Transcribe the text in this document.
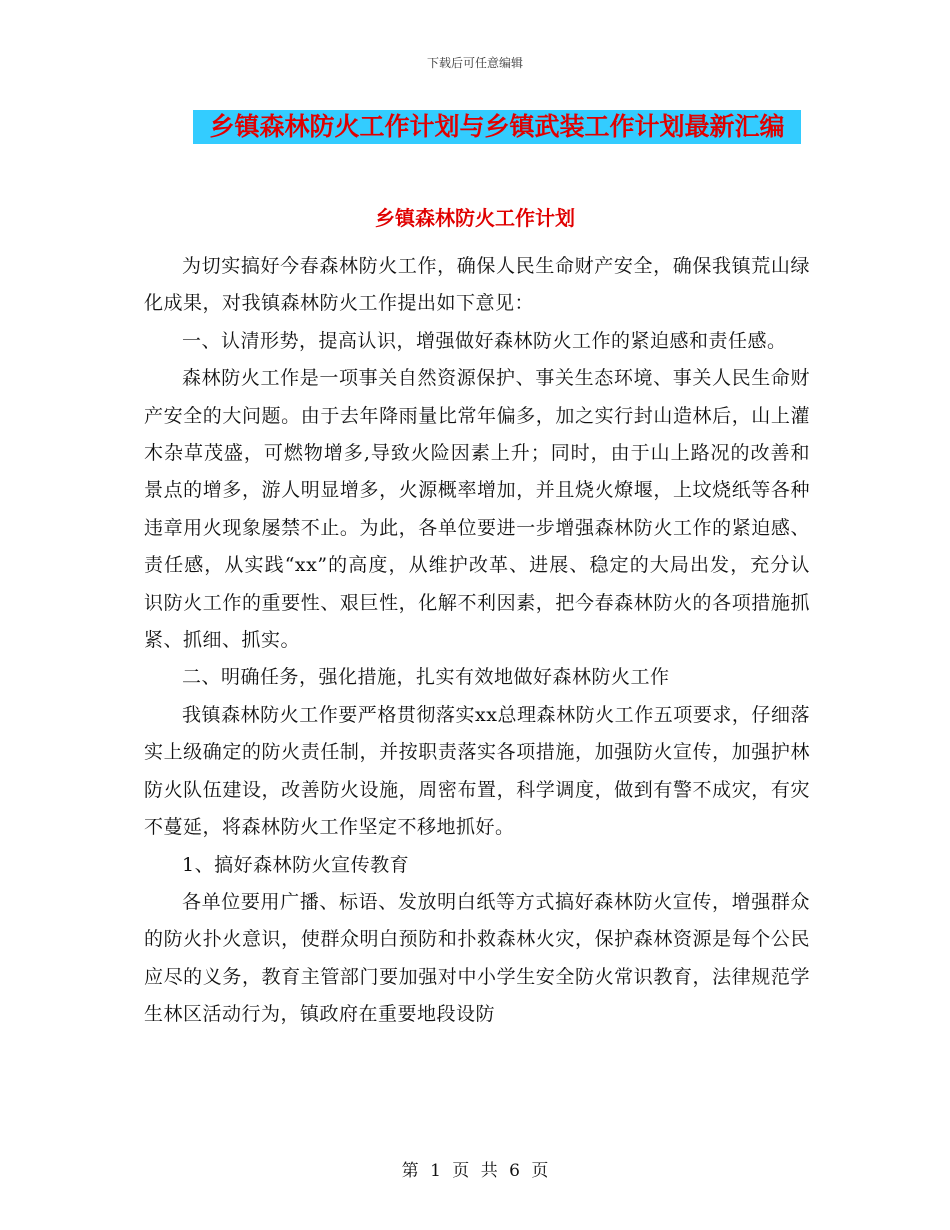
下载后可任意编辑
乡镇森林防火工作计划与乡镇武装工作计划最新汇编
乡镇森林防火工作计划

为切实搞好今春森林防火工作，确保人民生命财产安全，确保我镇荒山绿化成果，对我镇森林防火工作提出如下意见：

一、认清形势，提高认识，增强做好森林防火工作的紧迫感和责任感。

森林防火工作是一项事关自然资源保护、事关生态环境、事关人民生命财产安全的大问题。由于去年降雨量比常年偏多，加之实行封山造林后，山上灌木杂草茂盛，可燃物增多,导致火险因素上升；同时，由于山上路况的改善和景点的增多，游人明显增多，火源概率增加，并且烧火燎堰，上坟烧纸等各种违章用火现象屡禁不止。为此，各单位要进一步增强森林防火工作的紧迫感、责任感，从实践“xx”的高度，从维护改革、进展、稳定的大局出发，充分认识防火工作的重要性、艰巨性，化解不利因素，把今春森林防火的各项措施抓紧、抓细、抓实。

二、明确任务，强化措施，扎实有效地做好森林防火工作

我镇森林防火工作要严格贯彻落实xx总理森林防火工作五项要求，仔细落实上级确定的防火责任制，并按职责落实各项措施，加强防火宣传，加强护林防火队伍建设，改善防火设施，周密布置，科学调度，做到有警不成灾，有灾不蔓延，将森林防火工作坚定不移地抓好。

1、搞好森林防火宣传教育

各单位要用广播、标语、发放明白纸等方式搞好森林防火宣传，增强群众的防火扑火意识，使群众明白预防和扑救森林火灾，保护森林资源是每个公民应尽的义务，教育主管部门要加强对中小学生安全防火常识教育，法律规范学生林区活动行为，镇政府在重要地段设防

第 1 页 共 6 页
